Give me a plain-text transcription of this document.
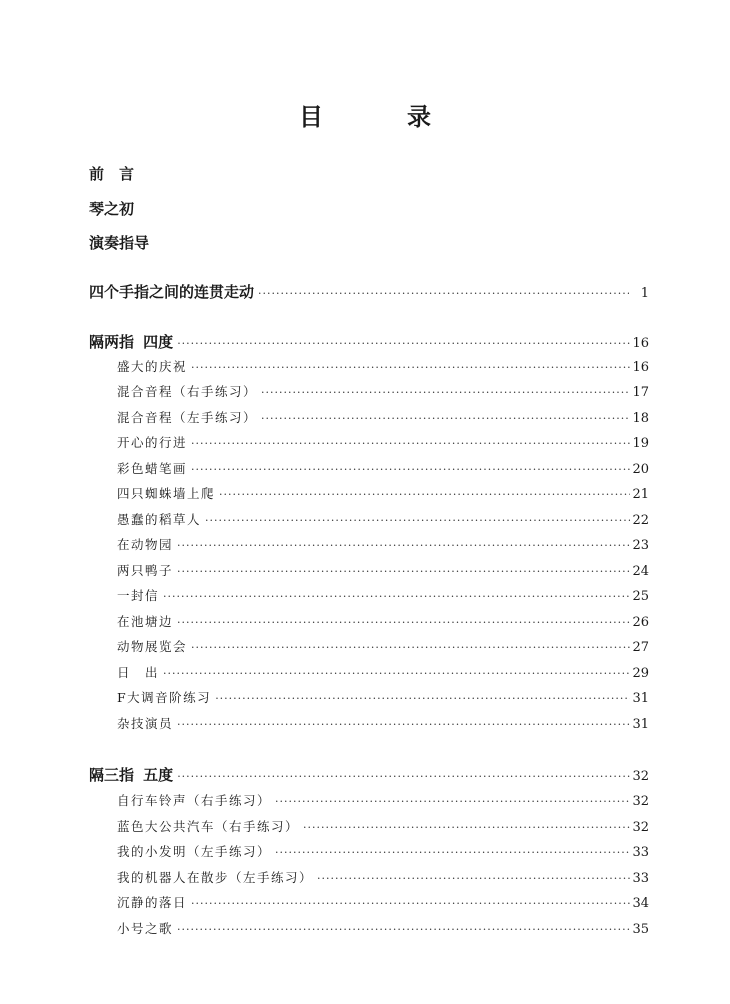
目　录
前　言
琴之初
演奏指导
四个手指之间的连贯走动 ·····	1
隔两指 四度 ·····	16
盛大的庆祝 ·····	16
混合音程（右手练习） ·····	17
混合音程（左手练习） ·····	18
开心的行进 ·····	19
彩色蜡笔画 ·····	20
四只蜘蛛墙上爬 ·····	21
愚蠢的稻草人 ·····	22
在动物园 ·····	23
两只鸭子 ·····	24
一封信 ·····	25
在池塘边 ·····	26
动物展览会 ·····	27
日　出 ·····	29
F大调音阶练习 ·····	31
杂技演员 ·····	31
隔三指 五度 ·····	32
自行车铃声（右手练习） ·····	32
蓝色大公共汽车（右手练习） ·····	32
我的小发明（左手练习） ·····	33
我的机器人在散步（左手练习） ·····	33
沉静的落日 ·····	34
小号之歌 ·····	35
